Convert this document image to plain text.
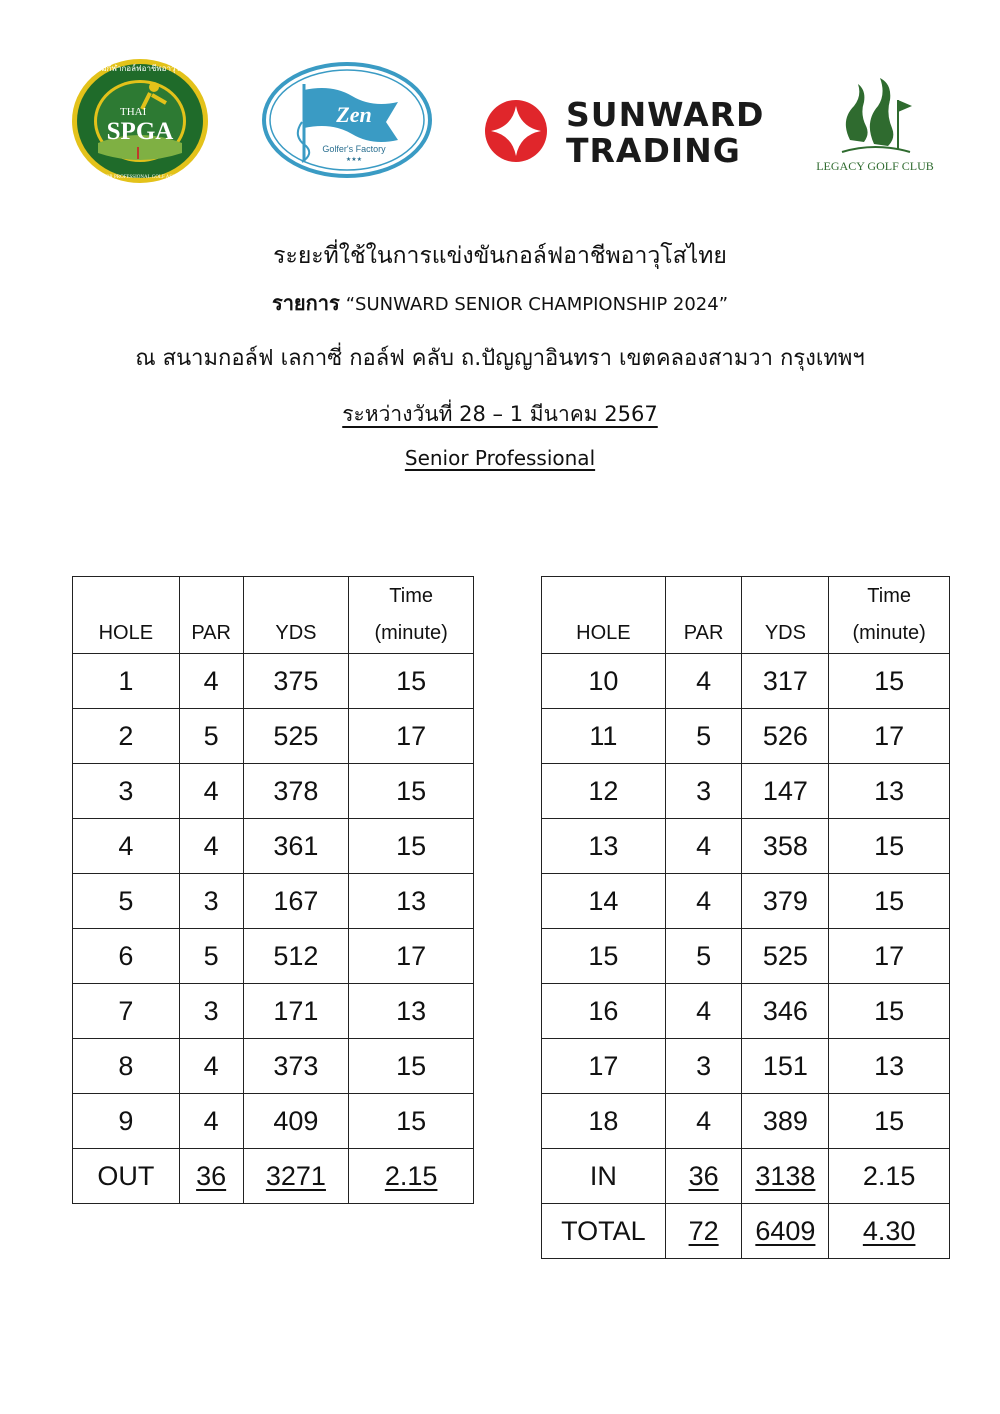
THAI
SPGA
สมาคมกีฬากอล์ฟอาชีพอาวุโสไทย
THAI SENIOR PROFESSIONAL GOLF ASSOCIATION
Zen
Golfer's Factory
★★★
SUNWARD
TRADING	LEGACY GOLF CLUB
ระยะที่ใช้ในการแข่งขันกอล์ฟอาชีพอาวุโสไทย
รายการ “SUNWARD SENIOR CHAMPIONSHIP 2024”
ณ สนามกอล์ฟ เลกาซี่ กอล์ฟ คลับ ถ.ปัญญาอินทรา เขตคลองสามวา กรุงเทพฯ
ระหว่างวันที่ 28 – 1 มีนาคม 2567
Senior Professional
HOLE	PAR	YDS	Time
(minute)
1	4	375	15
2	5	525	17
3	4	378	15
4	4	361	15
5	3	167	13
6	5	512	17
7	3	171	13
8	4	373	15
9	4	409	15
OUT	36	3271	2.15
HOLE	PAR	YDS	Time
(minute)
10	4	317	15
11	5	526	17
12	3	147	13
13	4	358	15
14	4	379	15
15	5	525	17
16	4	346	15
17	3	151	13
18	4	389	15
IN	36	3138	2.15
TOTAL	72	6409	4.30
